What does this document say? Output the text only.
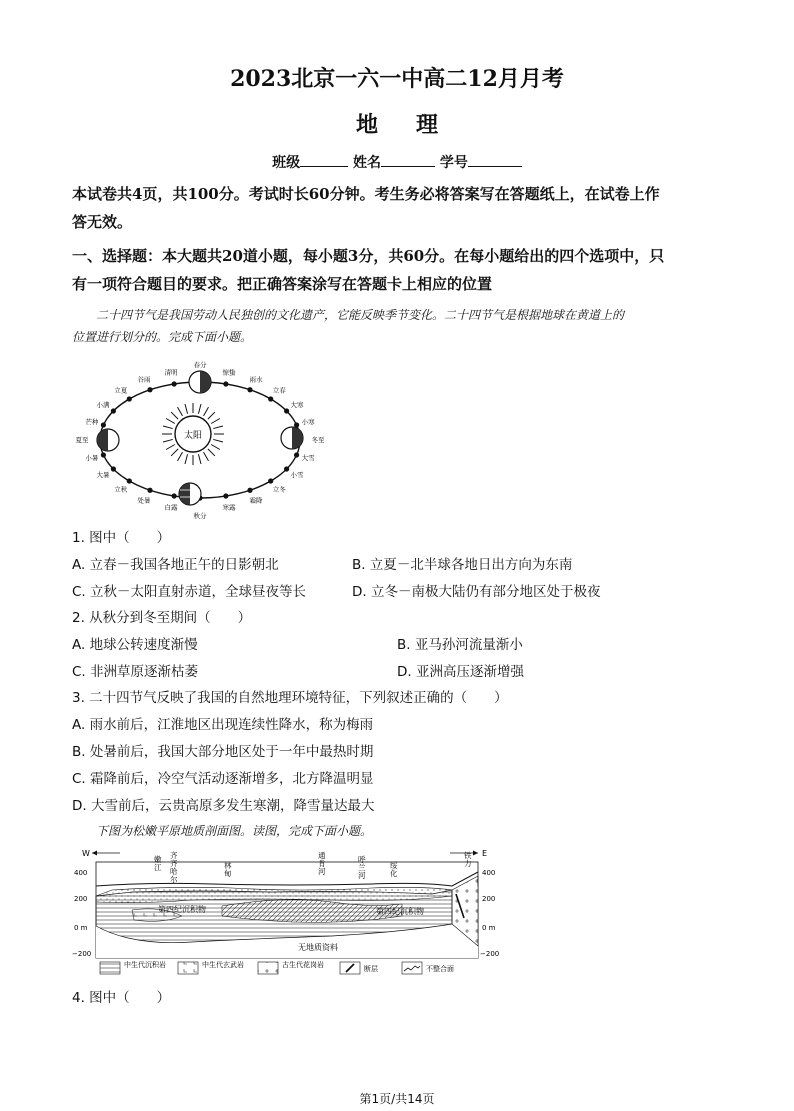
2023北京一六一中高二12月月考
地理
班级	姓名	学号
本试卷共4页，共100分。考试时长60分钟。考生务必将答案写在答题纸上，在试卷上作
答无效。
一、选择题：本大题共20道小题，每小题3分，共60分。在每小题给出的四个选项中，只
有一项符合题目的要求。把正确答案涂写在答题卡上相应的位置
二十四节气是我国劳动人民独创的文化遗产，它能反映季节变化。二十四节气是根据地球在黄道上的
位置进行划分的。完成下面小题。
太阳
春分
清明
谷雨
立夏
小满
芒种
夏至
小暑
大暑
立秋
处暑
白露
秋分
寒露
霜降
立冬
小雪
大雪
冬至
小寒
大寒
立春
雨水
惊蛰
1. 图中（　　）
A. 立春－我国各地正午的日影朝北	B. 立夏－北半球各地日出方向为东南
C. 立秋－太阳直射赤道，全球昼夜等长	D. 立冬－南极大陆仍有部分地区处于极夜
2. 从秋分到冬至期间（　　）
A. 地球公转速度渐慢	B. 亚马孙河流量渐小
C. 非洲草原逐渐枯萎	D. 亚洲高压逐渐增强
3. 二十四节气反映了我国的自然地理环境特征，下列叙述正确的（　　）
A. 雨水前后，江淮地区出现连续性降水，称为梅雨
B. 处暑前后，我国大部分地区处于一年中最热时期
C. 霜降前后，冷空气活动逐渐增多，北方降温明显
D. 大雪前后，云贵高原多发生寒潮，降雪量达最大
下图为松嫩平原地质剖面图。读图，完成下面小题。
W	E
400
200
0 m
−200
400
200
0 m
−200
嫩江
齐齐哈尔
林甸
通肯河
呼兰河
绥化
铁力
第四纪沉积物	第四纪沉积物
无地质资料
中生代沉积岩	中生代玄武岩	古生代花岗岩	断层	不整合面
4. 图中（　　）
第1页/共14页
